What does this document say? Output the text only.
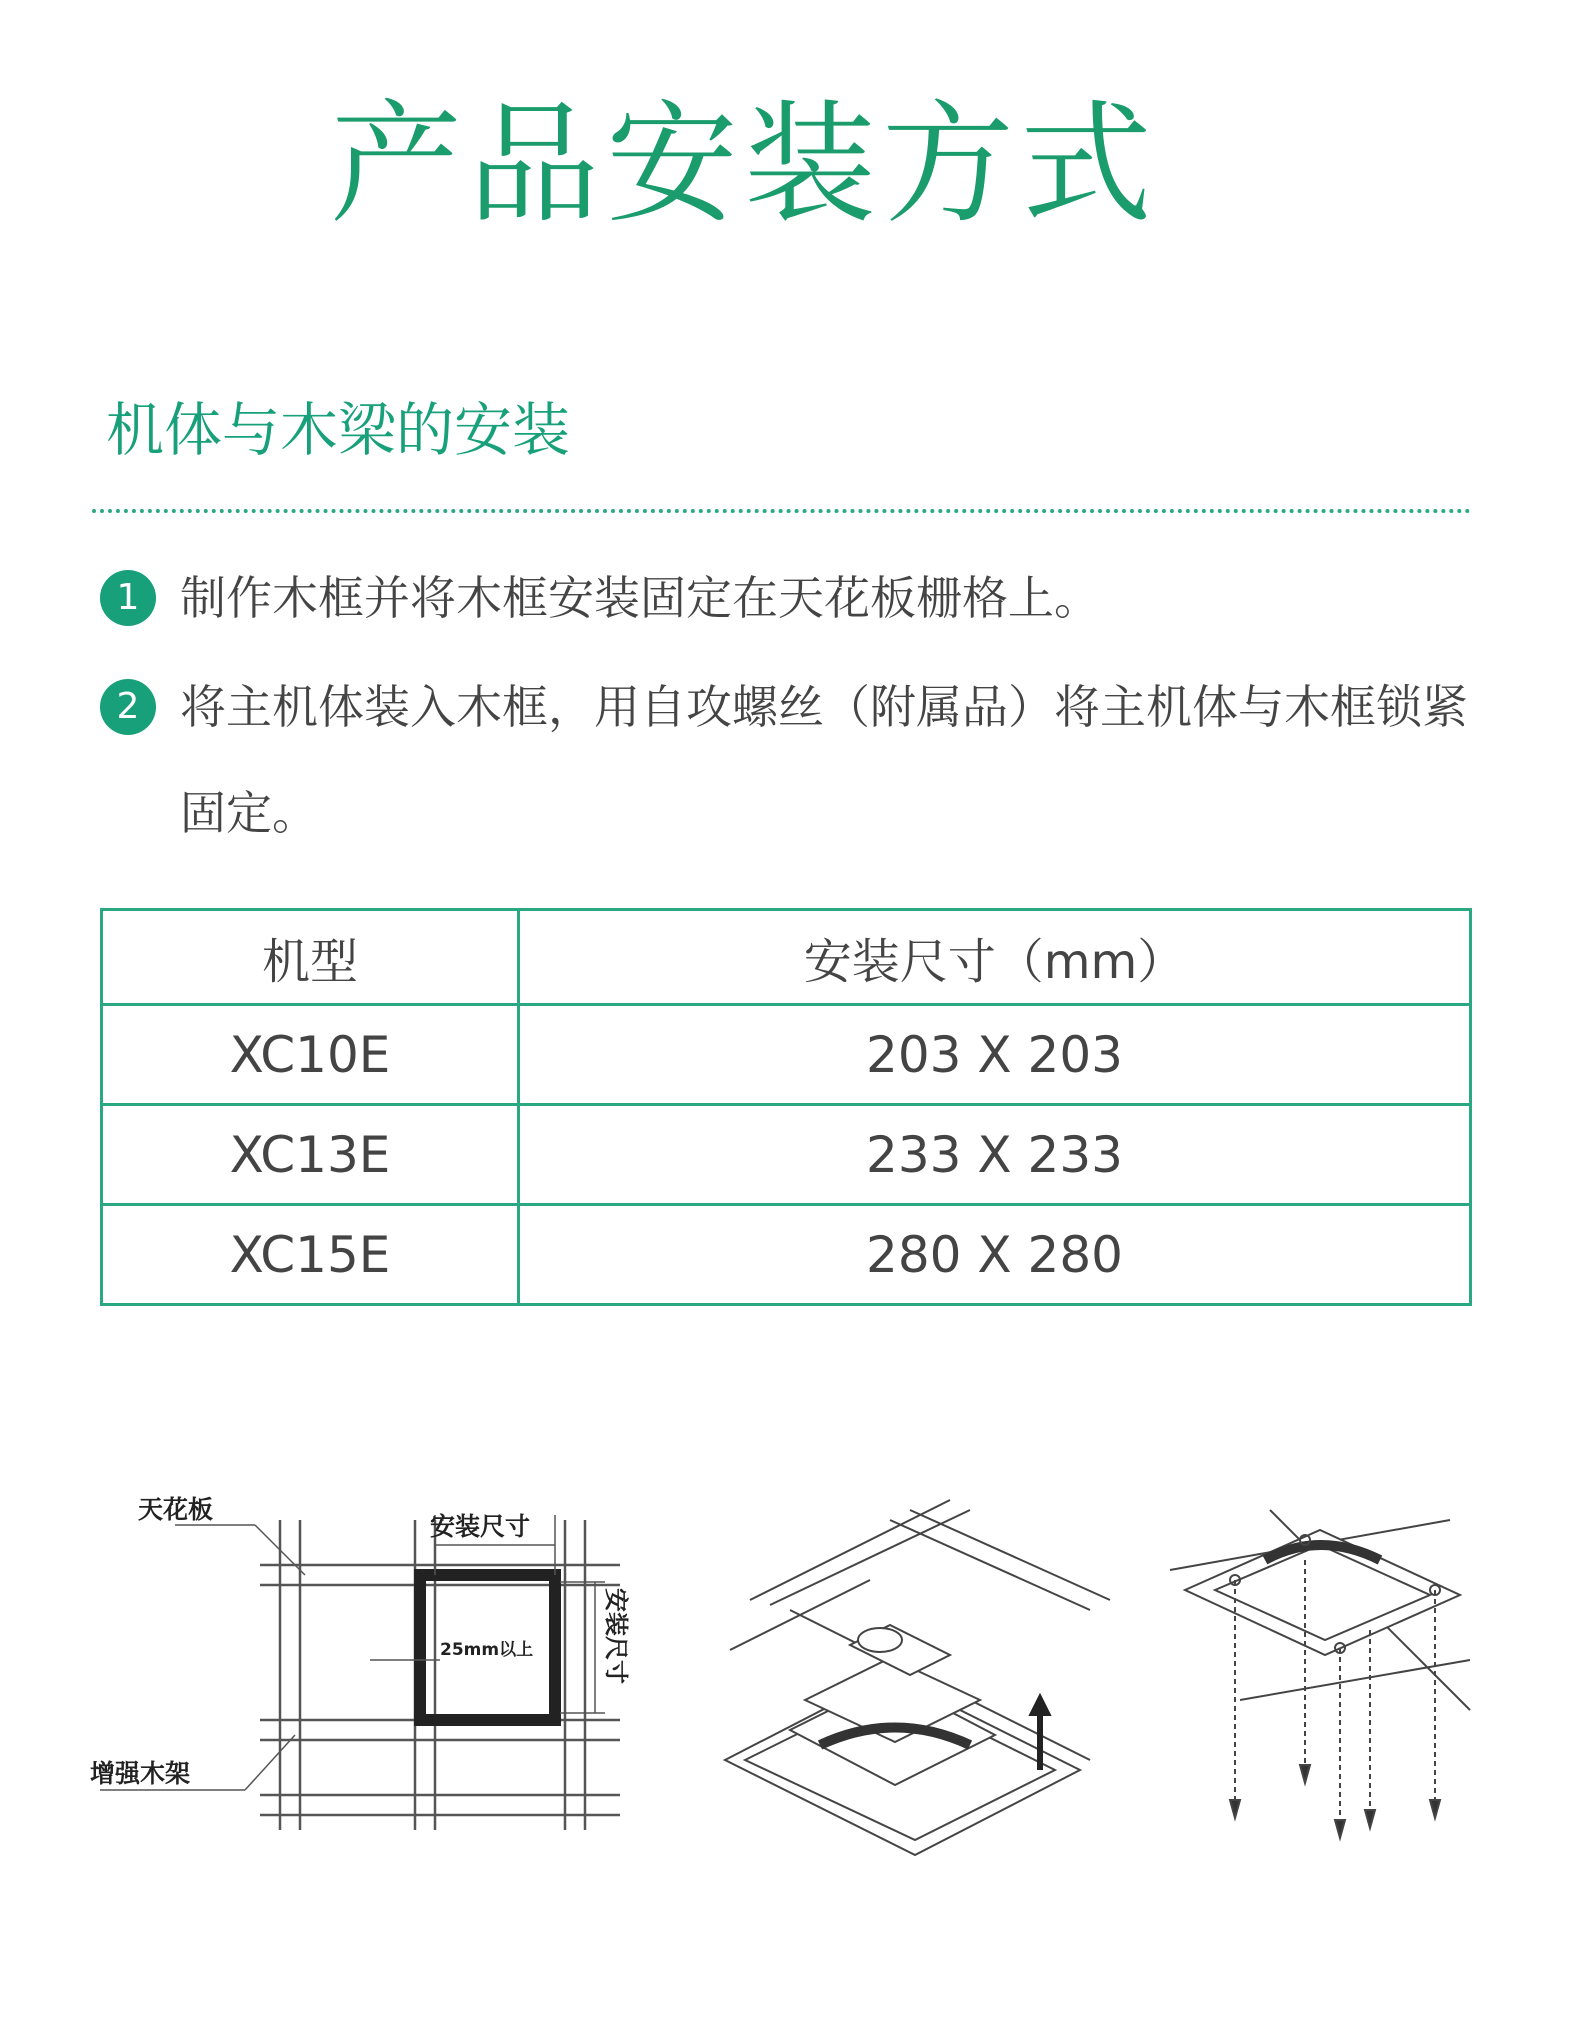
产品安装方式
机体与木梁的安装
1 制作木框并将木框安装固定在天花板栅格上。
2 将主机体装入木框，用自攻螺丝（附属品）将主机体与木框锁紧固定。
机型	安装尺寸（mm）
XC10E	203 X 203
XC13E	233 X 233
XC15E	280 X 280
天花板
安装尺寸
25mm以上
增强木架
安装尺寸
